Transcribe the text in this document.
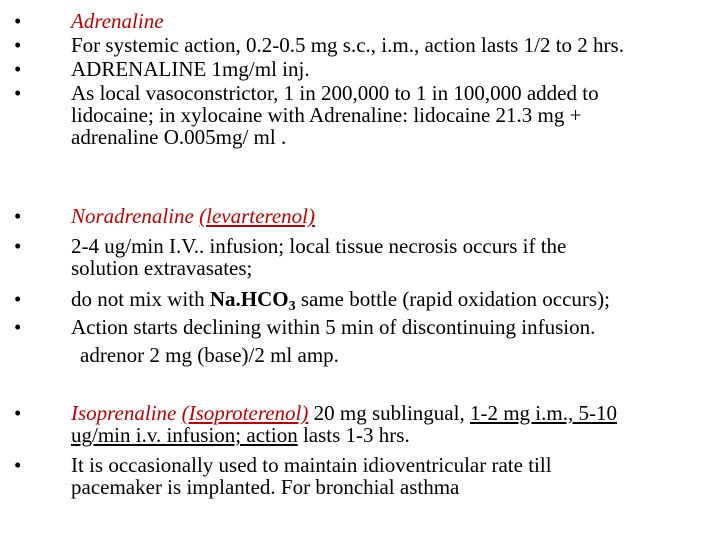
• Adrenaline
• For systemic action, 0.2-0.5 mg s.c., i.m., action lasts 1/2 to 2 hrs.
• ADRENALINE 1mg/ml inj.
• As local vasoconstrictor, 1 in 200,000 to 1 in 100,000 added to
lidocaine; in xylocaine with Adrenaline: lidocaine 21.3 mg +
adrenaline O.005mg/ ml .
• Noradrenaline (levarterenol)
• 2-4 ug/min I.V.. infusion; local tissue necrosis occurs if the
solution extravasates;
• do not mix with $Na.HCO_3$ same bottle (rapid oxidation occurs);
• Action starts declining within 5 min of discontinuing infusion.
adrenor 2 mg (base)/2 ml amp.
• Isoprenaline (Isoproterenol) 20 mg sublingual, 1-2 mg i.m., 5-10
ug/min i.v. infusion; action lasts 1-3 hrs.
• It is occasionally used to maintain idioventricular rate till
pacemaker is implanted. For bronchial asthma
